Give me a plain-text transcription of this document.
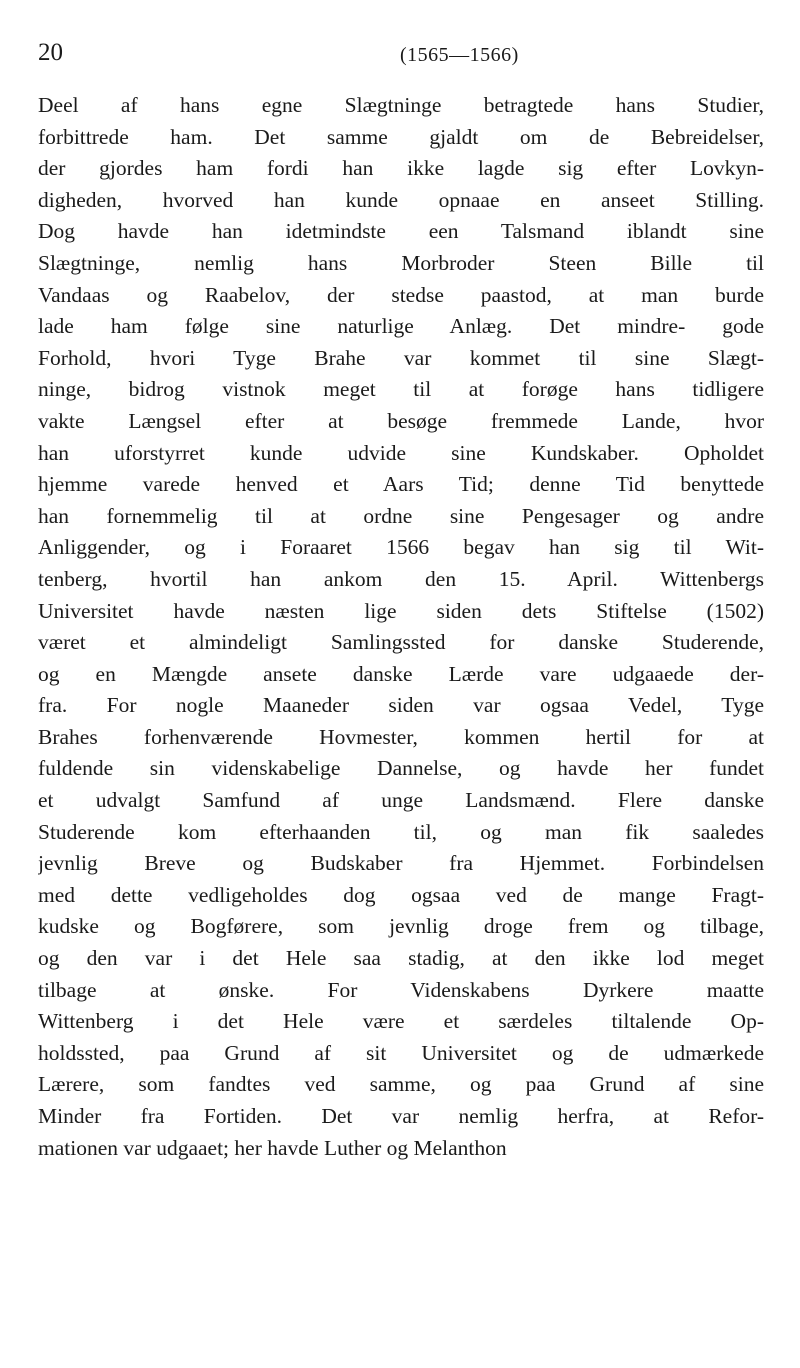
20	(1565—1566)
Deel af hans egne Slægtninge betragtede hans Studier,
forbittrede ham. Det samme gjaldt om de Bebreidelser,
der gjordes ham fordi han ikke lagde sig efter Lovkyn-
digheden, hvorved han kunde opnaae en anseet Stilling.
Dog havde han idetmindste een Talsmand iblandt sine
Slægtninge, nemlig hans Morbroder Steen Bille til
Vandaas og Raabelov, der stedse paastod, at man burde
lade ham følge sine naturlige Anlæg. Det mindre- gode
Forhold, hvori Tyge Brahe var kommet til sine Slægt-
ninge, bidrog vistnok meget til at forøge hans tidligere
vakte Længsel efter at besøge fremmede Lande, hvor
han uforstyrret kunde udvide sine Kundskaber. Opholdet
hjemme varede henved et Aars Tid; denne Tid benyttede
han fornemmelig til at ordne sine Pengesager og andre
Anliggender, og i Foraaret 1566 begav han sig til Wit-
tenberg, hvortil han ankom den 15. April. Wittenbergs
Universitet havde næsten lige siden dets Stiftelse (1502)
været et almindeligt Samlingssted for danske Studerende,
og en Mængde ansete danske Lærde vare udgaaede der-
fra. For nogle Maaneder siden var ogsaa Vedel, Tyge
Brahes forhenværende Hovmester, kommen hertil for at
fuldende sin videnskabelige Dannelse, og havde her fundet
et udvalgt Samfund af unge Landsmænd. Flere danske
Studerende kom efterhaanden til, og man fik saaledes
jevnlig Breve og Budskaber fra Hjemmet. Forbindelsen
med dette vedligeholdes dog ogsaa ved de mange Fragt-
kudske og Bogførere, som jevnlig droge frem og tilbage,
og den var i det Hele saa stadig, at den ikke lod meget
tilbage at ønske. For Videnskabens Dyrkere maatte
Wittenberg i det Hele være et særdeles tiltalende Op-
holdssted, paa Grund af sit Universitet og de udmærkede
Lærere, som fandtes ved samme, og paa Grund af sine
Minder fra Fortiden. Det var nemlig herfra, at Refor-
mationen var udgaaet; her havde Luther og Melanthon
